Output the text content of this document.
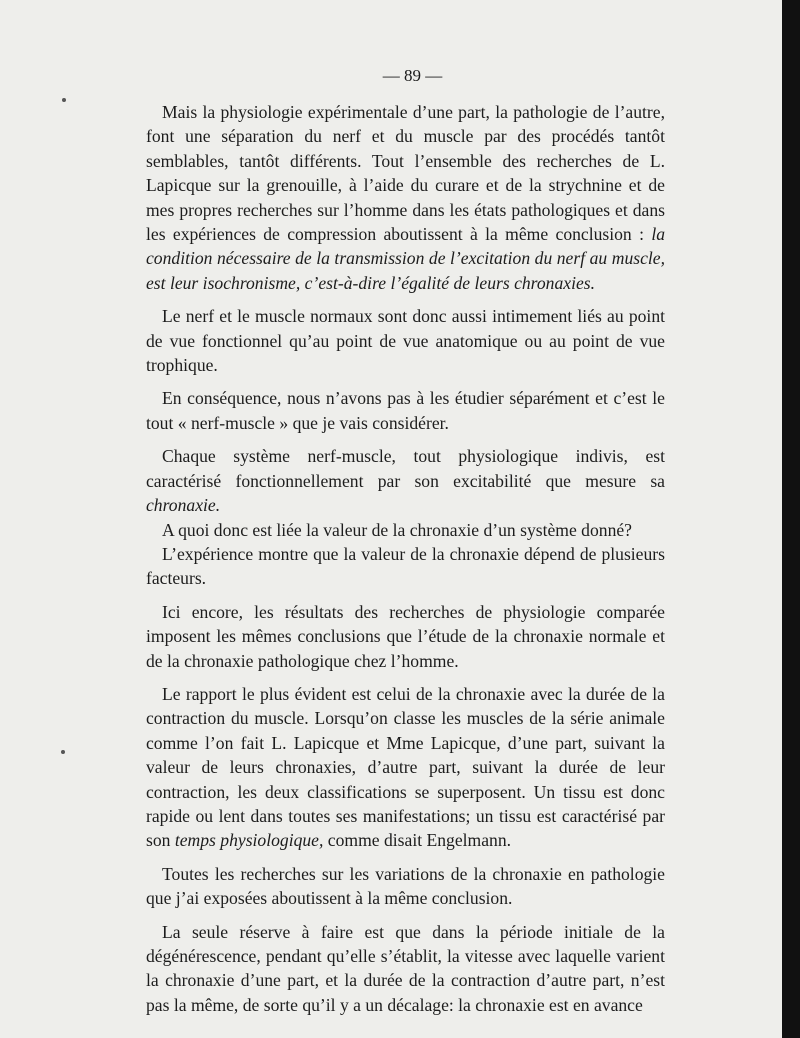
— 89 —

Mais la physiologie expérimentale d’une part, la pathologie de l’autre, font une séparation du nerf et du muscle par des procédés tantôt semblables, tantôt différents. Tout l’ensemble des recherches de L. Lapicque sur la grenouille, à l’aide du curare et de la strychnine et de mes propres recherches sur l’homme dans les états pathologiques et dans les expériences de compression aboutissent à la même conclusion : la condition nécessaire de la transmission de l’excitation du nerf au muscle, est leur isochronisme, c’est-à-dire l’égalité de leurs chronaxies.

Le nerf et le muscle normaux sont donc aussi intimement liés au point de vue fonctionnel qu’au point de vue anatomique ou au point de vue trophique.

En conséquence, nous n’avons pas à les étudier séparément et c’est le tout « nerf-muscle » que je vais considérer.

Chaque système nerf-muscle, tout physiologique indivis, est caractérisé fonctionnellement par son excitabilité que mesure sa chronaxie.

A quoi donc est liée la valeur de la chronaxie d’un système donné?

L’expérience montre que la valeur de la chronaxie dépend de plusieurs facteurs.

Ici encore, les résultats des recherches de physiologie comparée imposent les mêmes conclusions que l’étude de la chronaxie normale et de la chronaxie pathologique chez l’homme.

Le rapport le plus évident est celui de la chronaxie avec la durée de la contraction du muscle. Lorsqu’on classe les muscles de la série animale comme l’on fait L. Lapicque et Mme Lapicque, d’une part, suivant la valeur de leurs chronaxies, d’autre part, suivant la durée de leur contraction, les deux classifications se superposent. Un tissu est donc rapide ou lent dans toutes ses manifestations; un tissu est caractérisé par son temps physiologique, comme disait Engelmann.

Toutes les recherches sur les variations de la chronaxie en pathologie que j’ai exposées aboutissent à la même conclusion.

La seule réserve à faire est que dans la période initiale de la dégénérescence, pendant qu’elle s’établit, la vitesse avec laquelle varient la chronaxie d’une part, et la durée de la contraction d’autre part, n’est pas la même, de sorte qu’il y a un décalage: la chronaxie est en avance
